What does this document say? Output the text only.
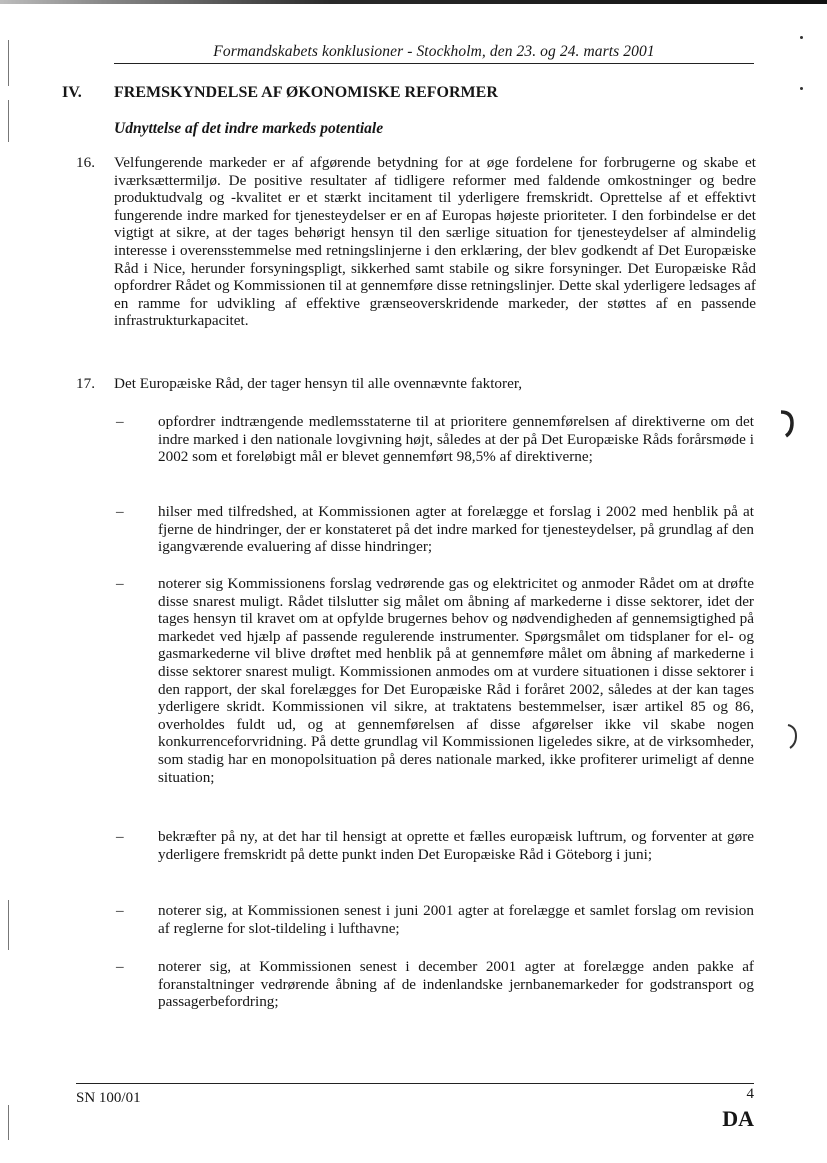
Formandskabets konklusioner - Stockholm, den 23. og 24. marts 2001
IV. FREMSKYNDELSE AF ØKONOMISKE REFORMER
Udnyttelse af det indre markeds potentiale
16.	Velfungerende markeder er af afgørende betydning for at øge fordelene for forbrugerne og skabe et iværksættermiljø. De positive resultater af tidligere reformer med faldende omkostninger og bedre produktudvalg og -kvalitet er et stærkt incitament til yderligere fremskridt. Oprettelse af et effektivt fungerende indre marked for tjenesteydelser er en af Europas højeste prioriteter. I den forbindelse er det vigtigt at sikre, at der tages behørigt hensyn til den særlige situation for tjenesteydelser af almindelig interesse i overensstemmelse med retningslinjerne i den erklæring, der blev godkendt af Det Europæiske Råd i Nice, herunder forsyningspligt, sikkerhed samt stabile og sikre forsyninger. Det Europæiske Råd opfordrer Rådet og Kommissionen til at gennemføre disse retningslinjer. Dette skal yderligere ledsages af en ramme for udvikling af effektive grænseoverskridende markeder, der støttes af en passende infrastrukturkapacitet.
17.	Det Europæiske Råd, der tager hensyn til alle ovennævnte faktorer,
– opfordrer indtrængende medlemsstaterne til at prioritere gennemførelsen af direktiverne om det indre marked i den nationale lovgivning højt, således at der på Det Europæiske Råds forårsmøde i 2002 som et foreløbigt mål er blevet gennemført 98,5% af direktiverne;
– hilser med tilfredshed, at Kommissionen agter at forelægge et forslag i 2002 med henblik på at fjerne de hindringer, der er konstateret på det indre marked for tjenesteydelser, på grundlag af den igangværende evaluering af disse hindringer;
– noterer sig Kommissionens forslag vedrørende gas og elektricitet og anmoder Rådet om at drøfte disse snarest muligt. Rådet tilslutter sig målet om åbning af markederne i disse sektorer, idet der tages hensyn til kravet om at opfylde brugernes behov og nødvendigheden af gennemsigtighed på markedet ved hjælp af passende regulerende instrumenter. Spørgsmålet om tidsplaner for el- og gasmarkederne vil blive drøftet med henblik på at gennemføre målet om åbning af markederne i disse sektorer snarest muligt. Kommissionen anmodes om at vurdere situationen i disse sektorer i den rapport, der skal forelægges for Det Europæiske Råd i foråret 2002, således at der kan tages yderligere skridt. Kommissionen vil sikre, at traktatens bestemmelser, især artikel 85 og 86, overholdes fuldt ud, og at gennemførelsen af disse afgørelser ikke vil skabe nogen konkurrenceforvridning. På dette grundlag vil Kommissionen ligeledes sikre, at de virksomheder, som stadig har en monopolsituation på deres nationale marked, ikke profiterer urimeligt af denne situation;
– bekræfter på ny, at det har til hensigt at oprette et fælles europæisk luftrum, og forventer at gøre yderligere fremskridt på dette punkt inden Det Europæiske Råd i Göteborg i juni;
– noterer sig, at Kommissionen senest i juni 2001 agter at forelægge et samlet forslag om revision af reglerne for slot-tildeling i lufthavne;
– noterer sig, at Kommissionen senest i december 2001 agter at forelægge anden pakke af foranstaltninger vedrørende åbning af de indenlandske jernbanemarkeder for godstransport og passagerbefordring;
SN 100/01	4
DA
